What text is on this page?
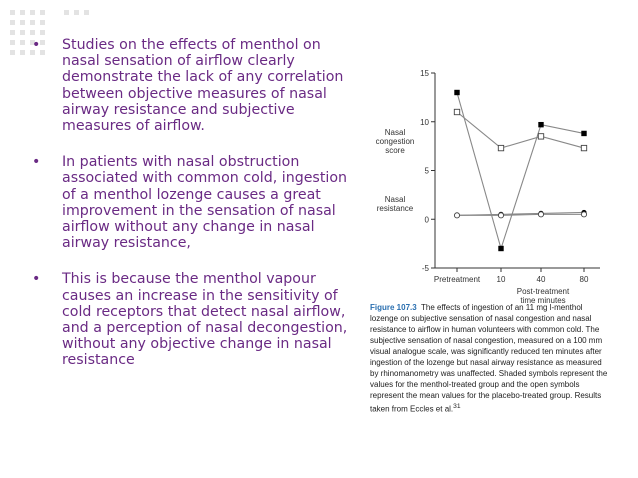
• Studies on the effects of menthol on nasal sensation of airflow clearly demonstrate the lack of any correlation between objective measures of nasal airway resistance and subjective measures of airflow.
• In patients with nasal obstruction associated with common cold, ingestion of a menthol lozenge causes a great improvement in the sensation of nasal airflow without any change in nasal airway resistance,
• This is because the menthol vapour causes an increase in the sensitivity of cold receptors that detect nasal airflow, and a perception of nasal decongestion, without any objective change in nasal resistance
15
10
5
0
-5
Pretreatment 10	40	80
Post-treatment time minutes
Nasal congestion score
Nasal resistance
Figure 107.3 The effects of ingestion of an 11 mg l-menthol lozenge on subjective sensation of nasal congestion and nasal resistance to airflow in human volunteers with common cold. The subjective sensation of nasal congestion, measured on a 100 mm visual analogue scale, was significantly reduced ten minutes after ingestion of the lozenge but nasal airway resistance as measured by rhinomanometry was unaffected. Shaded symbols represent the values for the menthol-treated group and the open symbols represent the mean values for the placebo-treated group. Results taken from Eccles et al.$^{31}$
